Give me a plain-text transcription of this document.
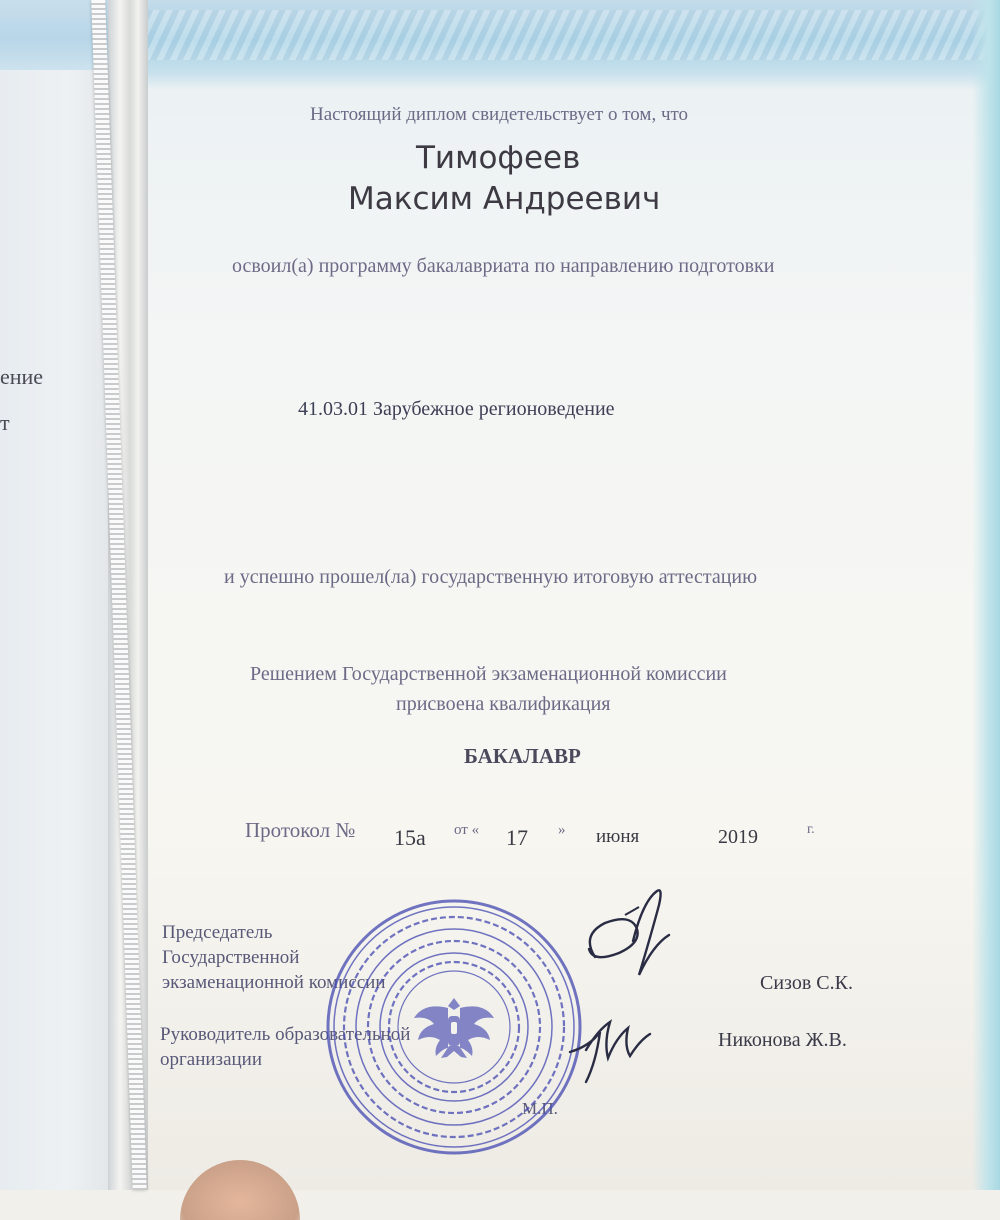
ение
т
Настоящий диплом свидетельствует о том, что
Тимофеев
Максим Андреевич
освоил(а) программу бакалавриата по направлению подготовки
41.03.01 Зарубежное регионоведение
и успешно прошел(ла) государственную итоговую аттестацию
Решением Государственной экзаменационной комиссии
присвоена квалификация
БАКАЛАВР
Протокол № 15а от « 17 » июня	2019	г.
Председатель
Государственной
экзаменационной комиссии	Сизов С.К.
Руководитель образовательной
организации
Никонова Ж.В.
М.П.
